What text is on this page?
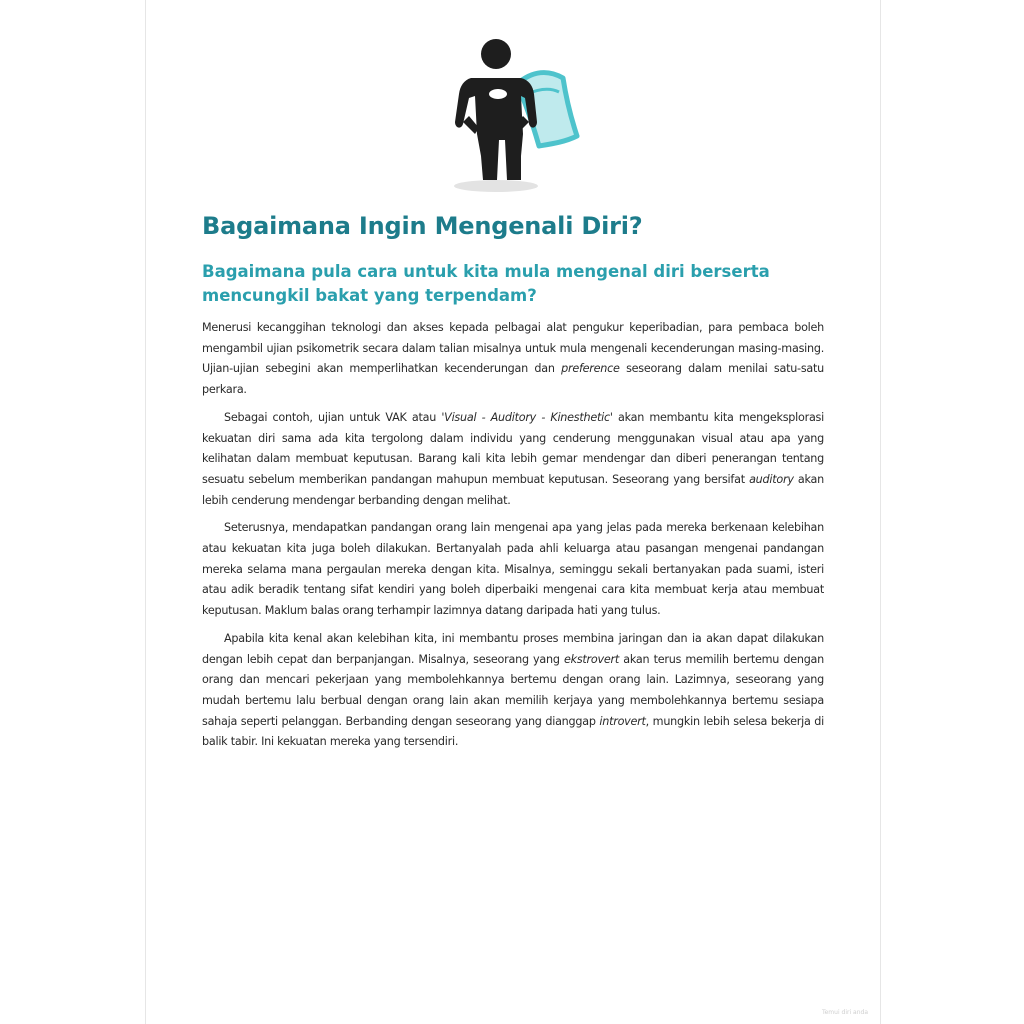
Bagaimana Ingin Mengenali Diri?
Bagaimana pula cara untuk kita mula mengenal diri berserta mencungkil bakat yang terpendam?

Menerusi kecanggihan teknologi dan akses kepada pelbagai alat pengukur keperibadian, para pembaca boleh mengambil ujian psikometrik secara dalam talian misalnya untuk mula mengenali kecenderungan masing-masing. Ujian-ujian sebegini akan memperlihatkan kecenderungan dan preference seseorang dalam menilai satu-satu perkara.

Sebagai contoh, ujian untuk VAK atau 'Visual - Auditory - Kinesthetic' akan membantu kita mengeksplorasi kekuatan diri sama ada kita tergolong dalam individu yang cenderung menggunakan visual atau apa yang kelihatan dalam membuat keputusan. Barang kali kita lebih gemar mendengar dan diberi penerangan tentang sesuatu sebelum memberikan pandangan mahupun membuat keputusan. Seseorang yang bersifat auditory akan lebih cenderung mendengar berbanding dengan melihat.

Seterusnya, mendapatkan pandangan orang lain mengenai apa yang jelas pada mereka berkenaan kelebihan atau kekuatan kita juga boleh dilakukan. Bertanyalah pada ahli keluarga atau pasangan mengenai pandangan mereka selama mana pergaulan mereka dengan kita. Misalnya, seminggu sekali bertanyakan pada suami, isteri atau adik beradik tentang sifat kendiri yang boleh diperbaiki mengenai cara kita membuat kerja atau membuat keputusan. Maklum balas orang terhampir lazimnya datang daripada hati yang tulus.

Apabila kita kenal akan kelebihan kita, ini membantu proses membina jaringan dan ia akan dapat dilakukan dengan lebih cepat dan berpanjangan. Misalnya, seseorang yang ekstrovert akan terus memilih bertemu dengan orang dan mencari pekerjaan yang membolehkannya bertemu dengan orang lain. Lazimnya, seseorang yang mudah bertemu lalu berbual dengan orang lain akan memilih kerjaya yang membolehkannya bertemu sesiapa sahaja seperti pelanggan. Berbanding dengan seseorang yang dianggap introvert, mungkin lebih selesa bekerja di balik tabir. Ini kekuatan mereka yang tersendiri.

Temui diri anda
